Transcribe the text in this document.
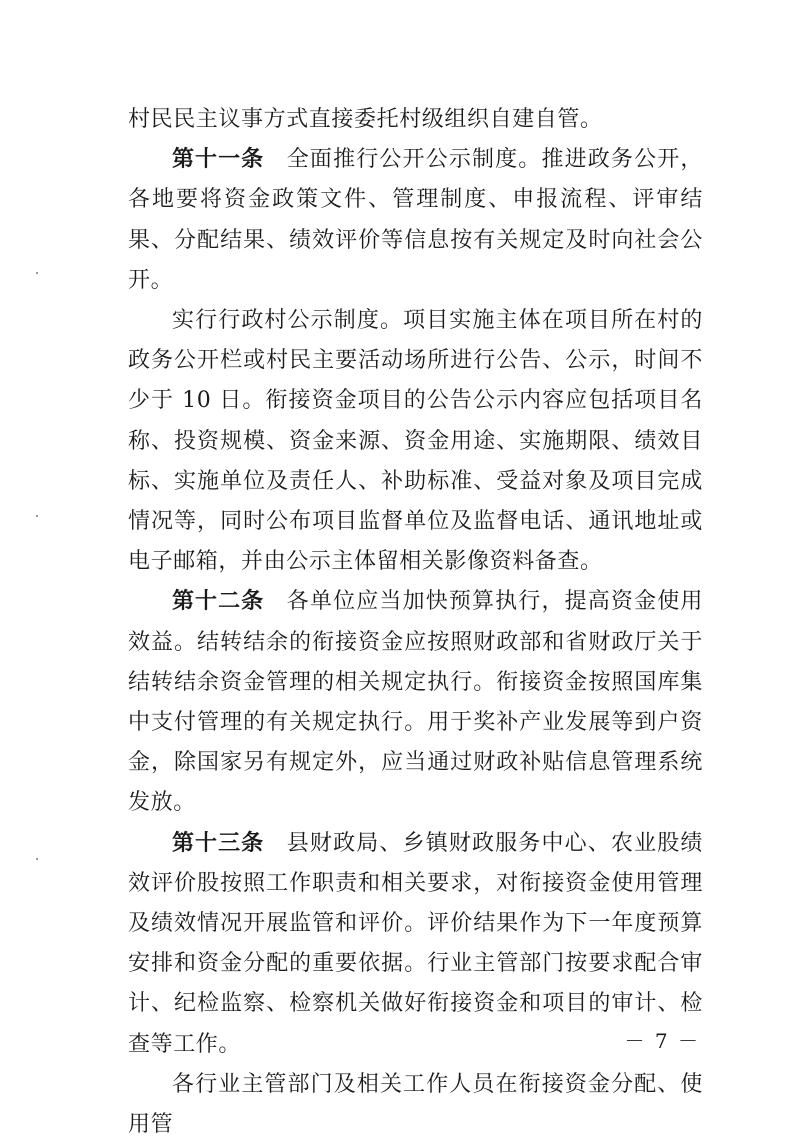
村民民主议事方式直接委托村级组织自建自管。

第十一条 全面推行公开公示制度。推进政务公开，各地要将资金政策文件、管理制度、申报流程、评审结果、分配结果、绩效评价等信息按有关规定及时向社会公开。

实行行政村公示制度。项目实施主体在项目所在村的政务公开栏或村民主要活动场所进行公告、公示，时间不少于 10 日。衔接资金项目的公告公示内容应包括项目名称、投资规模、资金来源、资金用途、实施期限、绩效目标、实施单位及责任人、补助标准、受益对象及项目完成情况等，同时公布项目监督单位及监督电话、通讯地址或电子邮箱，并由公示主体留相关影像资料备查。

第十二条 各单位应当加快预算执行，提高资金使用效益。结转结余的衔接资金应按照财政部和省财政厅关于结转结余资金管理的相关规定执行。衔接资金按照国库集中支付管理的有关规定执行。用于奖补产业发展等到户资金，除国家另有规定外，应当通过财政补贴信息管理系统发放。

第十三条 县财政局、乡镇财政服务中心、农业股绩效评价股按照工作职责和相关要求，对衔接资金使用管理及绩效情况开展监管和评价。评价结果作为下一年度预算安排和资金分配的重要依据。行业主管部门按要求配合审计、纪检监察、检察机关做好衔接资金和项目的审计、检查等工作。

各行业主管部门及相关工作人员在衔接资金分配、使用管

－ 7 －
